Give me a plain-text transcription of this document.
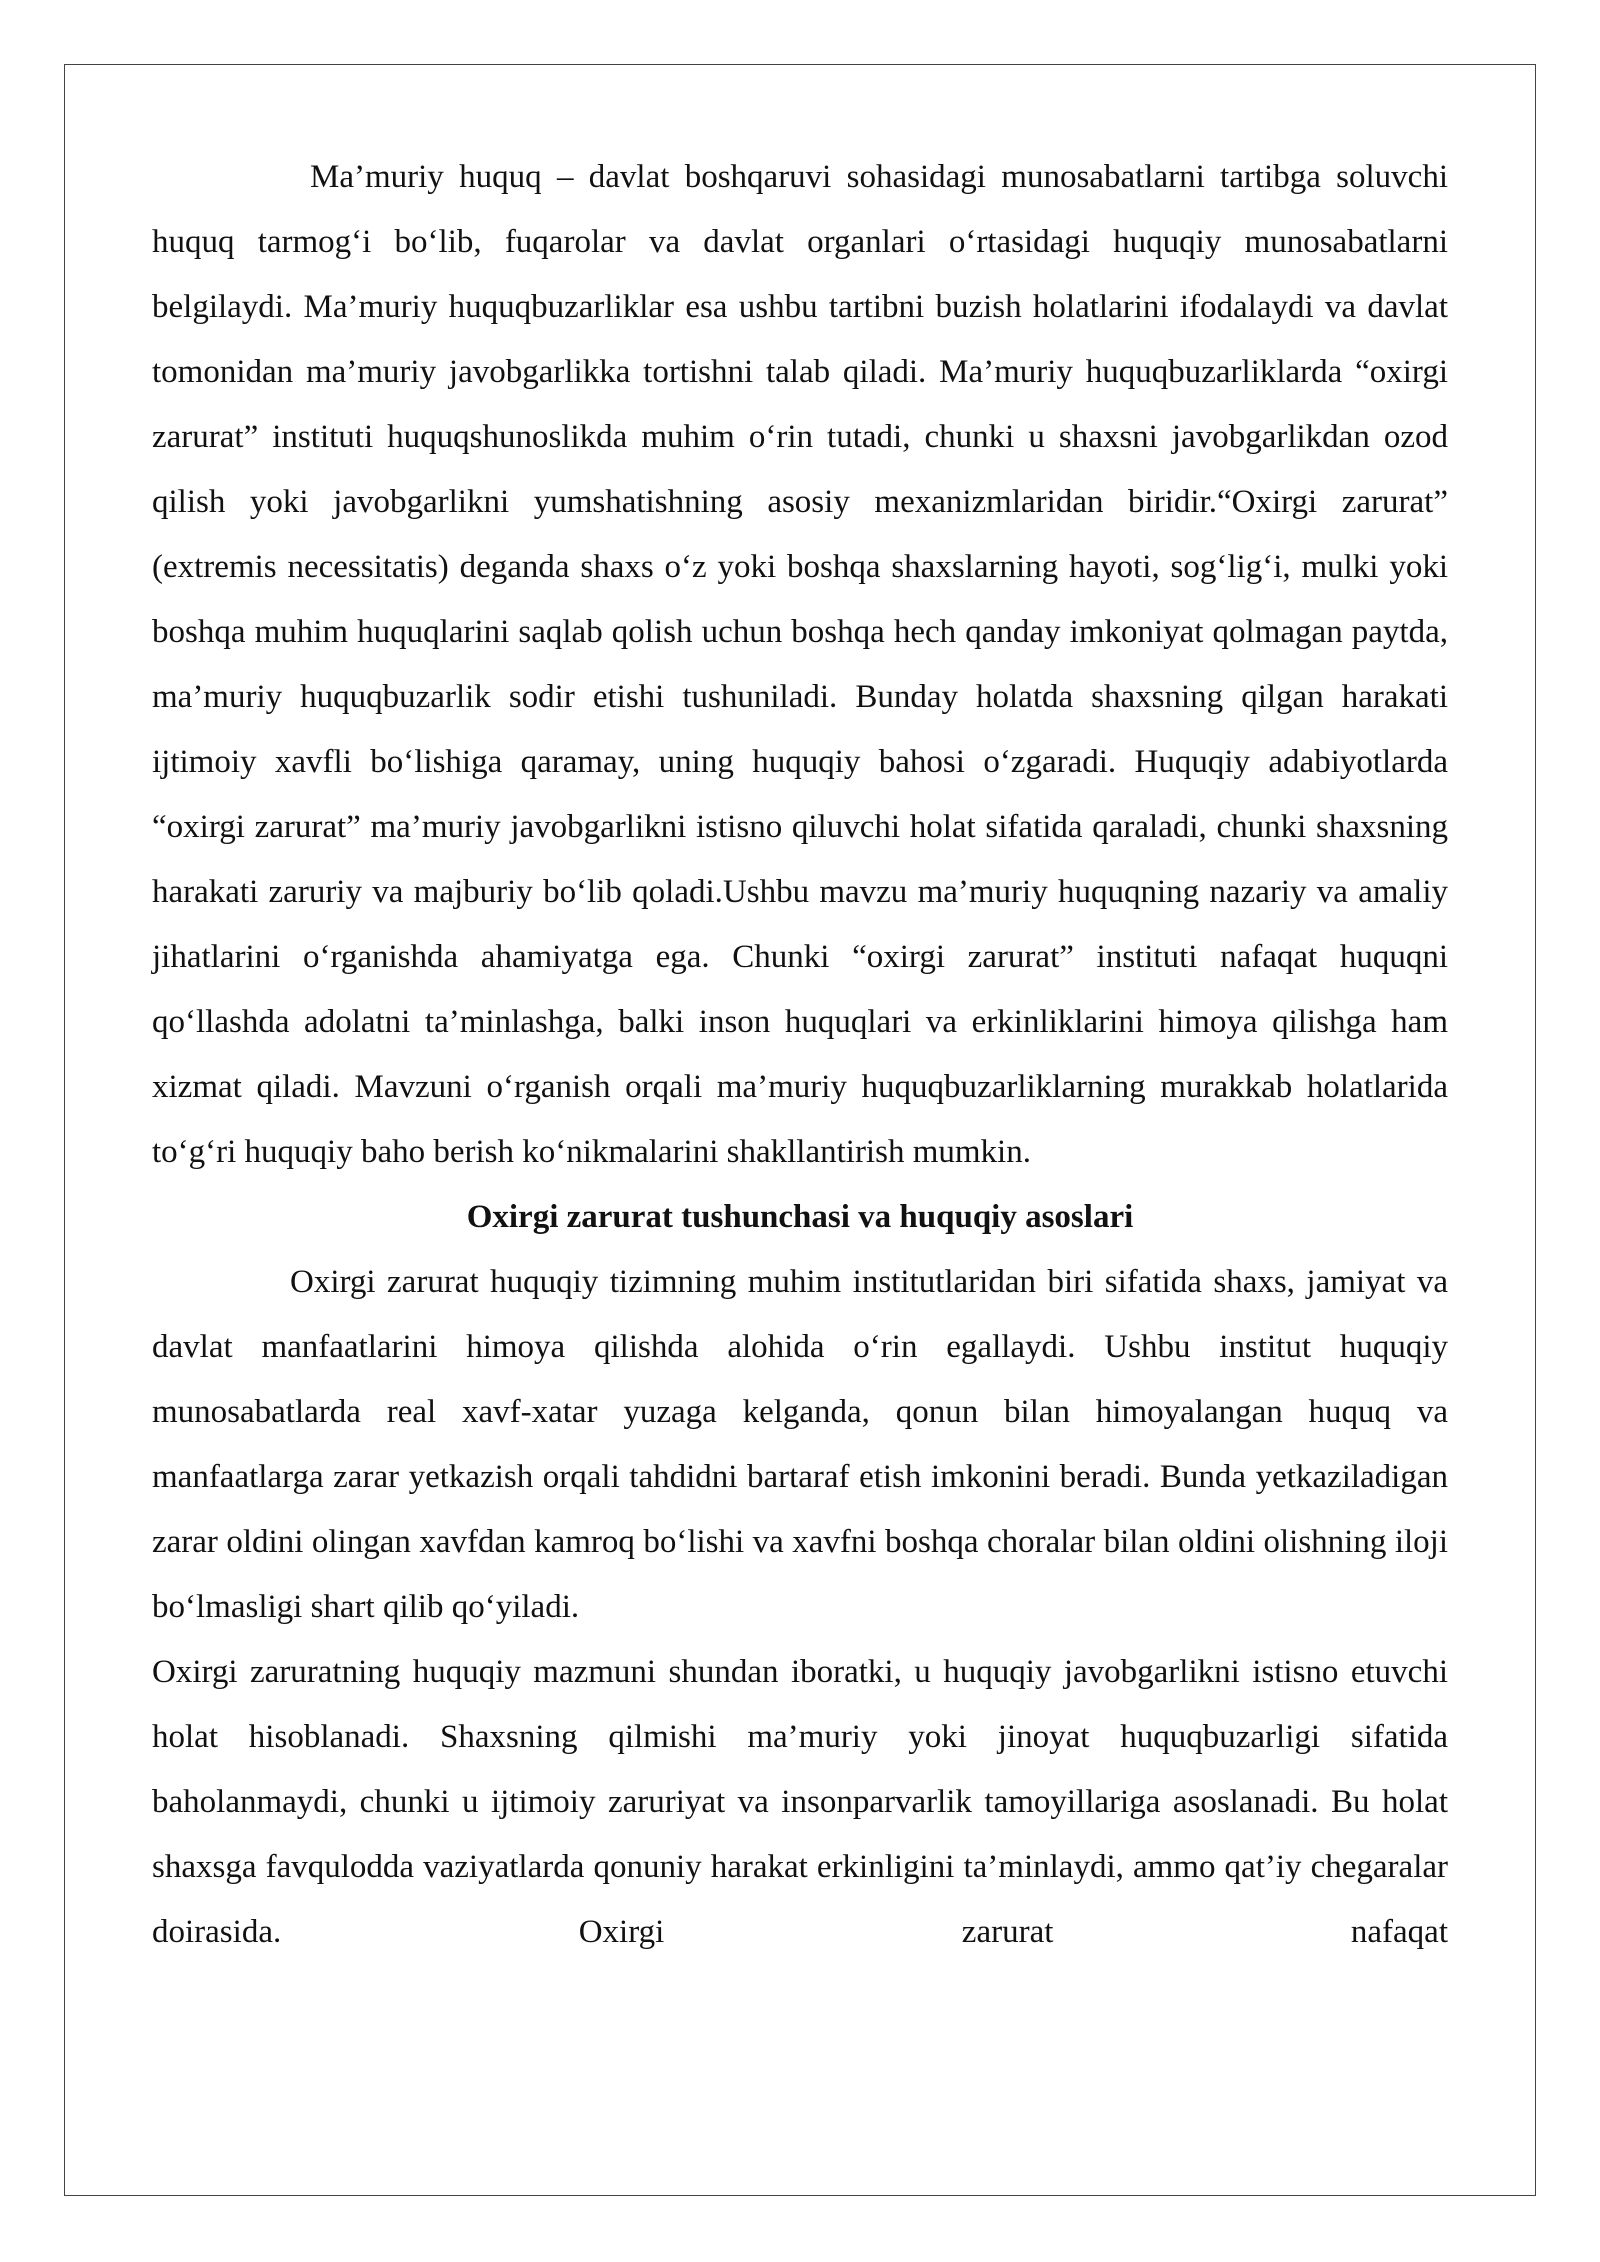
Ma’muriy huquq – davlat boshqaruvi sohasidagi munosabatlarni tartibga soluvchi huquq tarmog‘i bo‘lib, fuqarolar va davlat organlari o‘rtasidagi huquqiy munosabatlarni belgilaydi. Ma’muriy huquqbuzarliklar esa ushbu tartibni buzish holatlarini ifodalaydi va davlat tomonidan ma’muriy javobgarlikka tortishni talab qiladi. Ma’muriy huquqbuzarliklarda “oxirgi zarurat” instituti huquqshunoslikda muhim o‘rin tutadi, chunki u shaxsni javobgarlikdan ozod qilish yoki javobgarlikni yumshatishning asosiy mexanizmlaridan biridir.“Oxirgi zarurat” (extremis necessitatis) deganda shaxs o‘z yoki boshqa shaxslarning hayoti, sog‘lig‘i, mulki yoki boshqa muhim huquqlarini saqlab qolish uchun boshqa hech qanday imkoniyat qolmagan paytda, ma’muriy huquqbuzarlik sodir etishi tushuniladi. Bunday holatda shaxsning qilgan harakati ijtimoiy xavfli bo‘lishiga qaramay, uning huquqiy bahosi o‘zgaradi. Huquqiy adabiyotlarda “oxirgi zarurat” ma’muriy javobgarlikni istisno qiluvchi holat sifatida qaraladi, chunki shaxsning harakati zaruriy va majburiy bo‘lib qoladi.Ushbu mavzu ma’muriy huquqning nazariy va amaliy jihatlarini o‘rganishda ahamiyatga ega. Chunki “oxirgi zarurat” instituti nafaqat huquqni qo‘llashda adolatni ta’minlashga, balki inson huquqlari va erkinliklarini himoya qilishga ham xizmat qiladi. Mavzuni o‘rganish orqali ma’muriy huquqbuzarliklarning murakkab holatlarida to‘g‘ri huquqiy baho berish ko‘nikmalarini shakllantirish mumkin.

Oxirgi zarurat tushunchasi va huquqiy asoslari

Oxirgi zarurat huquqiy tizimning muhim institutlaridan biri sifatida shaxs, jamiyat va davlat manfaatlarini himoya qilishda alohida o‘rin egallaydi. Ushbu institut huquqiy munosabatlarda real xavf-xatar yuzaga kelganda, qonun bilan himoyalangan huquq va manfaatlarga zarar yetkazish orqali tahdidni bartaraf etish imkonini beradi. Bunda yetkaziladigan zarar oldini olingan xavfdan kamroq bo‘lishi va xavfni boshqa choralar bilan oldini olishning iloji bo‘lmasligi shart qilib qo‘yiladi.

Oxirgi zaruratning huquqiy mazmuni shundan iboratki, u huquqiy javobgarlikni istisno etuvchi holat hisoblanadi. Shaxsning qilmishi ma’muriy yoki jinoyat huquqbuzarligi sifatida baholanmaydi, chunki u ijtimoiy zaruriyat va insonparvarlik tamoyillariga asoslanadi. Bu holat shaxsga favqulodda vaziyatlarda qonuniy harakat erkinligini ta’minlaydi, ammo qat’iy chegaralar doirasida. Oxirgi zarurat nafaqat
